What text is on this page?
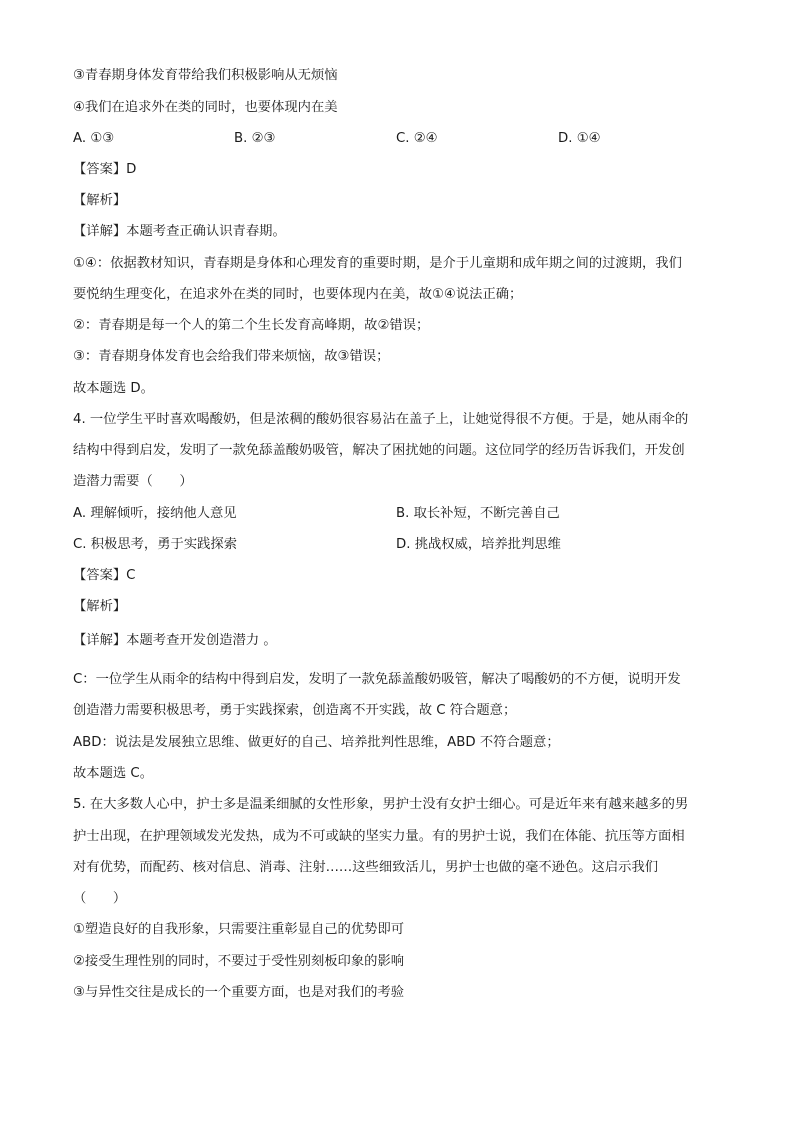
③青春期身体发育带给我们积极影响从无烦恼
④我们在追求外在类的同时，也要体现内在美
A. ①③	B. ②③	C. ②④	D. ①④
【答案】D
【解析】
【详解】本题考查正确认识青春期。
①④：依据教材知识，青春期是身体和心理发育的重要时期，是介于儿童期和成年期之间的过渡期，我们
要悦纳生理变化，在追求外在类的同时，也要体现内在美，故①④说法正确；
②：青春期是每一个人的第二个生长发育高峰期，故②错误；
③：青春期身体发育也会给我们带来烦恼，故③错误；
故本题选 D。
4. 一位学生平时喜欢喝酸奶，但是浓稠的酸奶很容易沾在盖子上，让她觉得很不方便。于是，她从雨伞的
结构中得到启发，发明了一款免舔盖酸奶吸管，解决了困扰她的问题。这位同学的经历告诉我们，开发创
造潜力需要（　　）
A. 理解倾听，接纳他人意见	B. 取长补短，不断完善自己
C. 积极思考，勇于实践探索	D. 挑战权威，培养批判思维
【答案】C
【解析】
【详解】本题考查开发创造潜力 。
C：一位学生从雨伞的结构中得到启发，发明了一款免舔盖酸奶吸管，解决了喝酸奶的不方便，说明开发
创造潜力需要积极思考，勇于实践探索，创造离不开实践，故 C 符合题意；
ABD：说法是发展独立思维、做更好的自己、培养批判性思维，ABD 不符合题意；
故本题选 C。
5. 在大多数人心中，护士多是温柔细腻的女性形象，男护士没有女护士细心。可是近年来有越来越多的男
护士出现，在护理领域发光发热，成为不可或缺的坚实力量。有的男护士说，我们在体能、抗压等方面相
对有优势，而配药、核对信息、消毒、注射……这些细致活儿，男护士也做的毫不逊色。这启示我们
（　　）
①塑造良好的自我形象，只需要注重彰显自己的优势即可
②接受生理性别的同时，不要过于受性别刻板印象的影响
③与异性交往是成长的一个重要方面，也是对我们的考验
